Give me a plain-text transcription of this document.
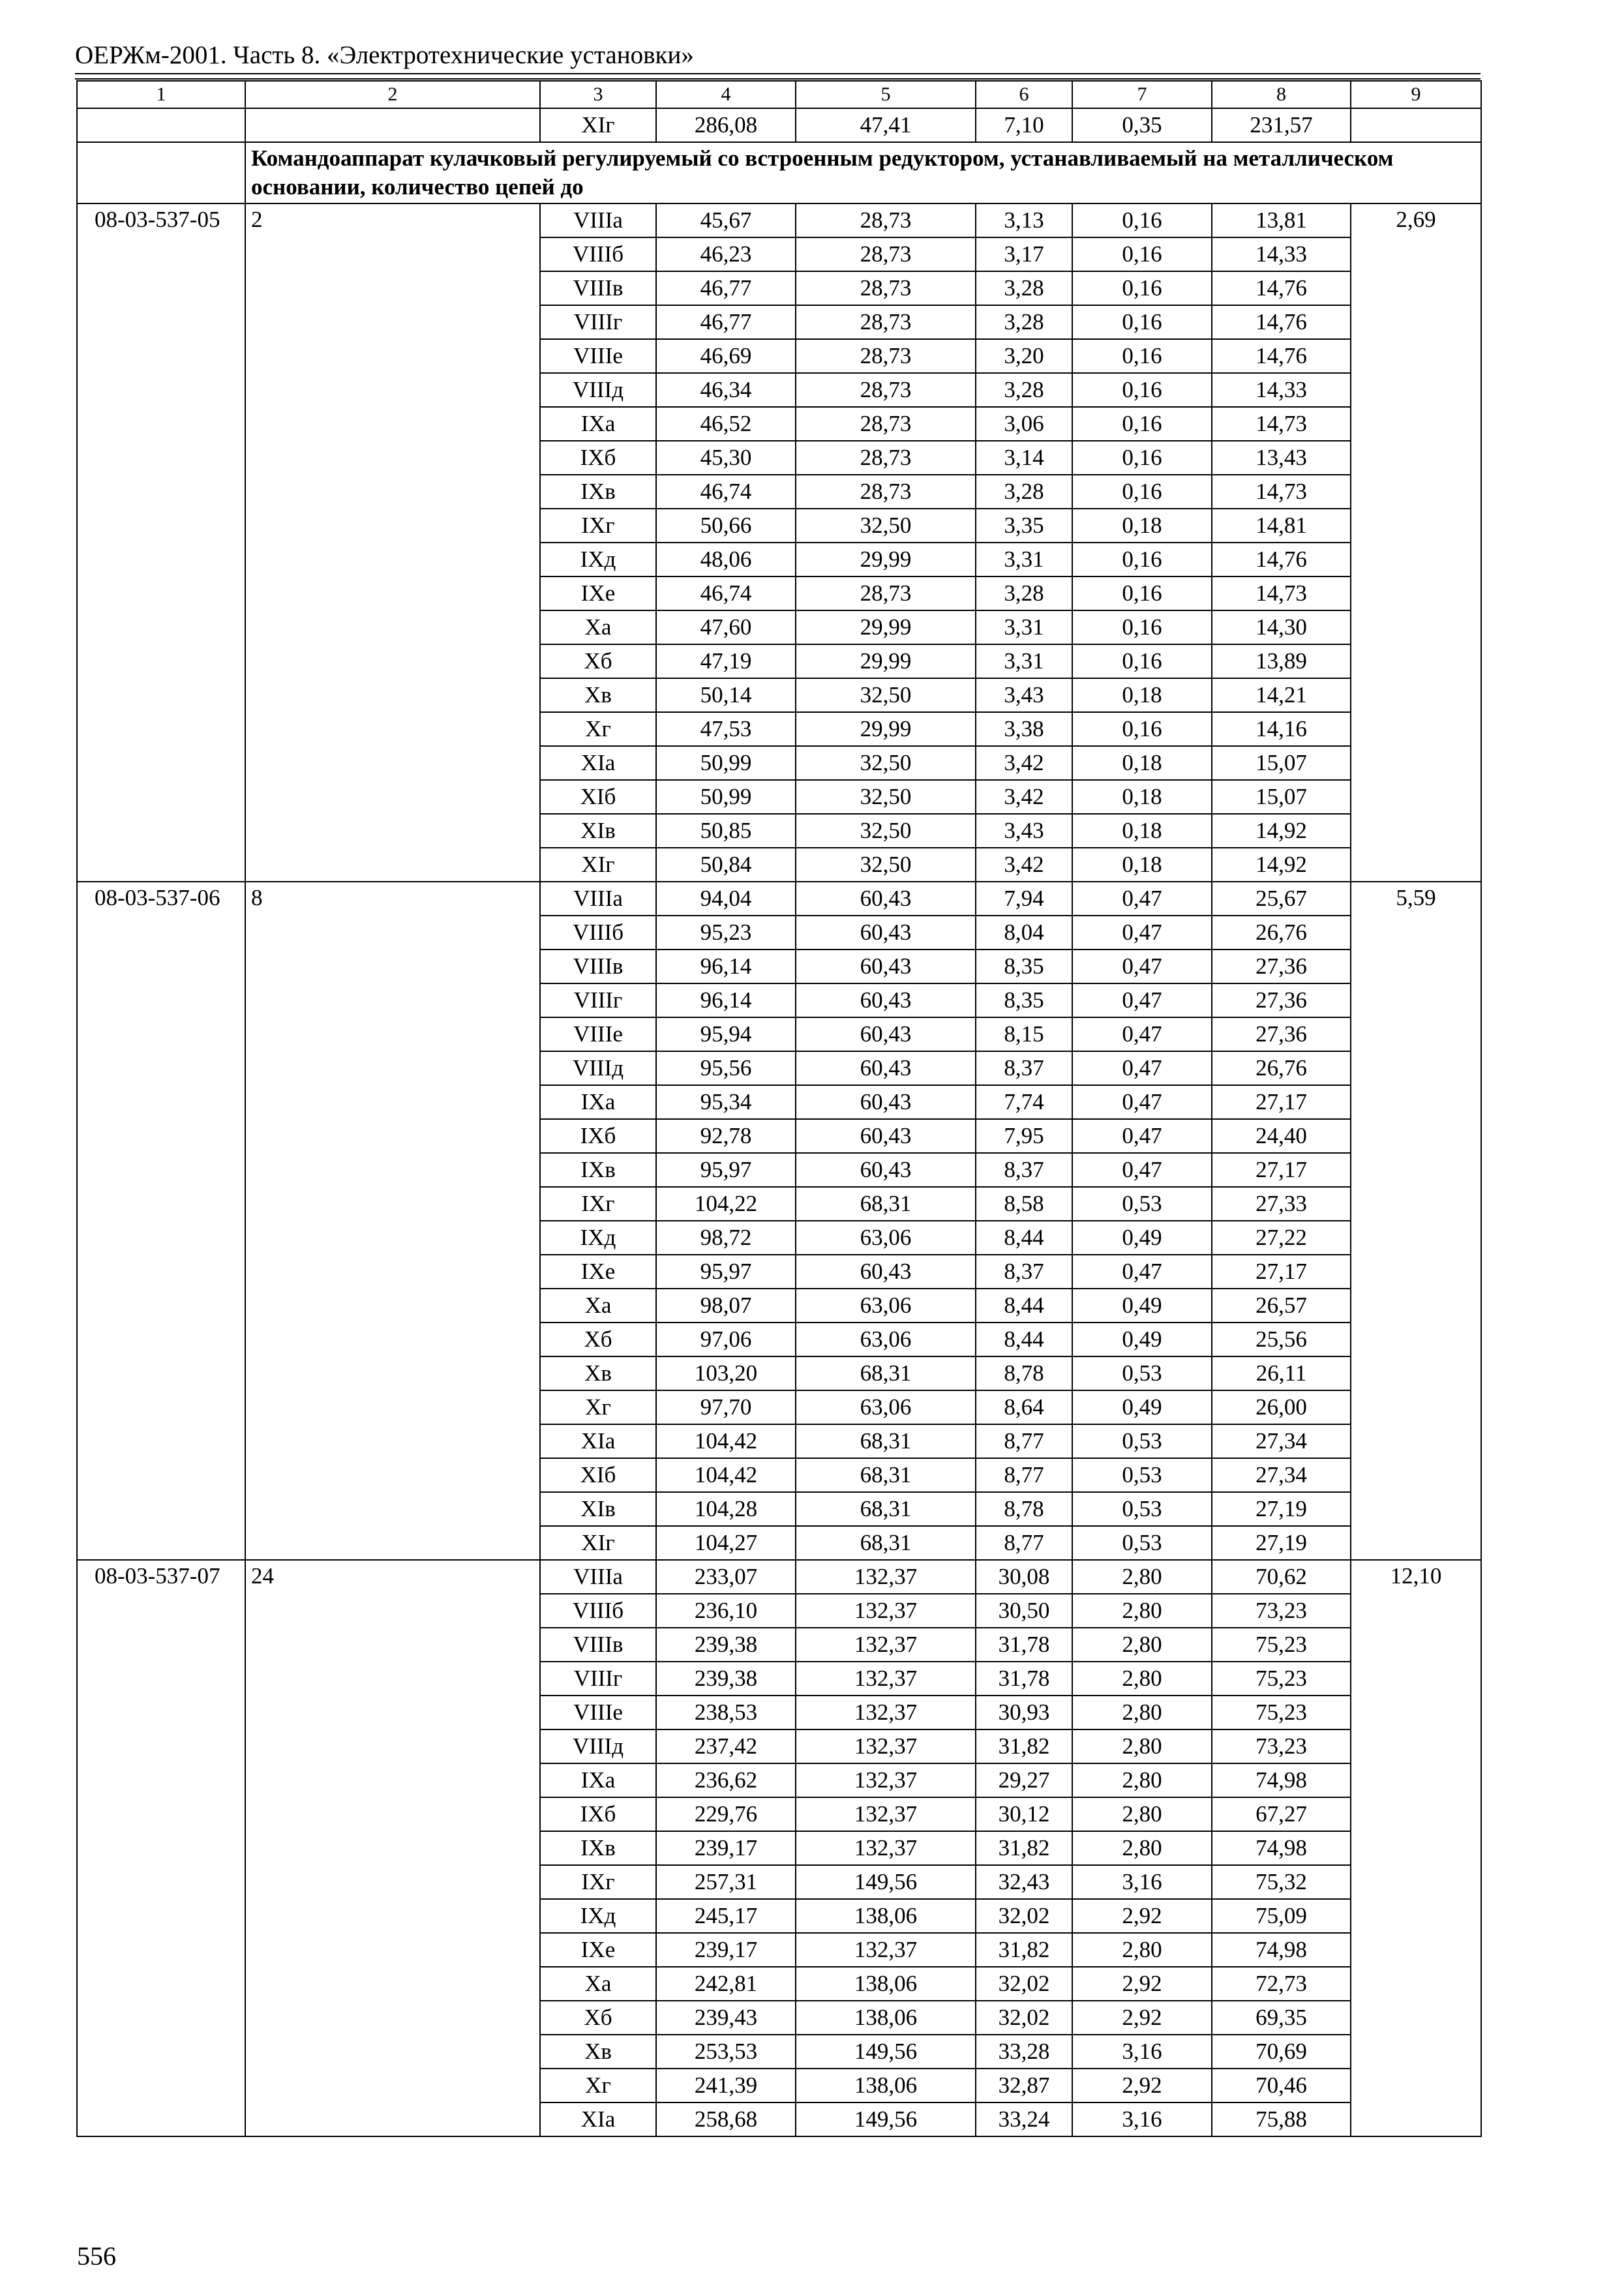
ОЕРЖм-2001. Часть 8. «Электротехнические установки»
1	2	3	4	5	6	7	8	9
		XIг	286,08	47,41	7,10	0,35	231,57	
	Командоаппарат кулачковый регулируемый со встроенным редуктором, устанавливаемый на металлическом основании, количество цепей до							
08-03-537-05	2	VIIIа	45,67	28,73	3,13	0,16	13,81	2,69
		VIIIб	46,23	28,73	3,17	0,16	14,33	
		VIIIв	46,77	28,73	3,28	0,16	14,76	
		VIIIг	46,77	28,73	3,28	0,16	14,76	
		VIIIе	46,69	28,73	3,20	0,16	14,76	
		VIIIд	46,34	28,73	3,28	0,16	14,33	
		IXа	46,52	28,73	3,06	0,16	14,73	
		IXб	45,30	28,73	3,14	0,16	13,43	
		IXв	46,74	28,73	3,28	0,16	14,73	
		IXг	50,66	32,50	3,35	0,18	14,81	
		IXд	48,06	29,99	3,31	0,16	14,76	
		IXе	46,74	28,73	3,28	0,16	14,73	
		Xа	47,60	29,99	3,31	0,16	14,30	
		Xб	47,19	29,99	3,31	0,16	13,89	
		Xв	50,14	32,50	3,43	0,18	14,21	
		Xг	47,53	29,99	3,38	0,16	14,16	
		XIа	50,99	32,50	3,42	0,18	15,07	
		XIб	50,99	32,50	3,42	0,18	15,07	
		XIв	50,85	32,50	3,43	0,18	14,92	
		XIг	50,84	32,50	3,42	0,18	14,92	
08-03-537-06	8	VIIIа	94,04	60,43	7,94	0,47	25,67	5,59
		VIIIб	95,23	60,43	8,04	0,47	26,76	
		VIIIв	96,14	60,43	8,35	0,47	27,36	
		VIIIг	96,14	60,43	8,35	0,47	27,36	
		VIIIе	95,94	60,43	8,15	0,47	27,36	
		VIIIд	95,56	60,43	8,37	0,47	26,76	
		IXа	95,34	60,43	7,74	0,47	27,17	
		IXб	92,78	60,43	7,95	0,47	24,40	
		IXв	95,97	60,43	8,37	0,47	27,17	
		IXг	104,22	68,31	8,58	0,53	27,33	
		IXд	98,72	63,06	8,44	0,49	27,22	
		IXе	95,97	60,43	8,37	0,47	27,17	
		Xа	98,07	63,06	8,44	0,49	26,57	
		Xб	97,06	63,06	8,44	0,49	25,56	
		Xв	103,20	68,31	8,78	0,53	26,11	
		Xг	97,70	63,06	8,64	0,49	26,00	
		XIа	104,42	68,31	8,77	0,53	27,34	
		XIб	104,42	68,31	8,77	0,53	27,34	
		XIв	104,28	68,31	8,78	0,53	27,19	
		XIг	104,27	68,31	8,77	0,53	27,19	
08-03-537-07	24	VIIIа	233,07	132,37	30,08	2,80	70,62	12,10
		VIIIб	236,10	132,37	30,50	2,80	73,23	
		VIIIв	239,38	132,37	31,78	2,80	75,23	
		VIIIг	239,38	132,37	31,78	2,80	75,23	
		VIIIе	238,53	132,37	30,93	2,80	75,23	
		VIIIд	237,42	132,37	31,82	2,80	73,23	
		IXа	236,62	132,37	29,27	2,80	74,98	
		IXб	229,76	132,37	30,12	2,80	67,27	
		IXв	239,17	132,37	31,82	2,80	74,98	
		IXг	257,31	149,56	32,43	3,16	75,32	
		IXд	245,17	138,06	32,02	2,92	75,09	
		IXе	239,17	132,37	31,82	2,80	74,98	
		Xа	242,81	138,06	32,02	2,92	72,73	
		Xб	239,43	138,06	32,02	2,92	69,35	
		Xв	253,53	149,56	33,28	3,16	70,69	
		Xг	241,39	138,06	32,87	2,92	70,46	
		XIа	258,68	149,56	33,24	3,16	75,88	
556
